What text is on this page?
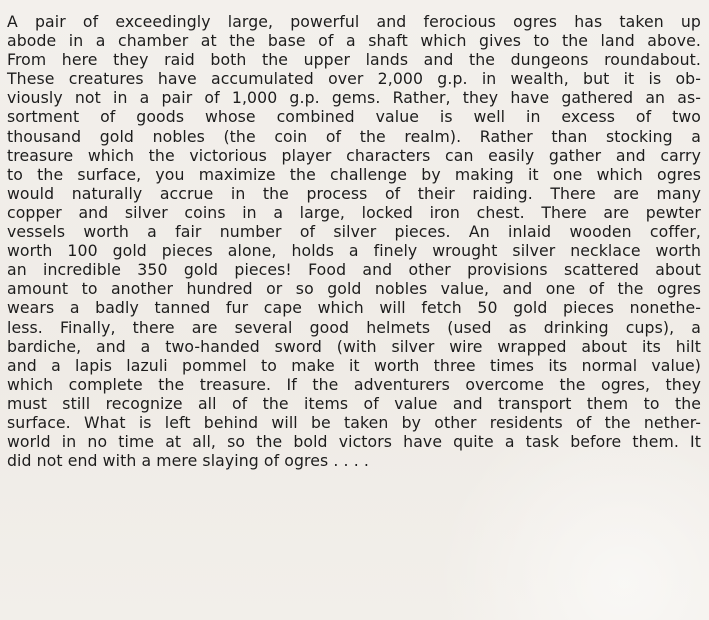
A pair of exceedingly large, powerful and ferocious ogres has taken up
abode in a chamber at the base of a shaft which gives to the land above.
From here they raid both the upper lands and the dungeons roundabout.
These creatures have accumulated over 2,000 g.p. in wealth, but it is ob-
viously not in a pair of 1,000 g.p. gems. Rather, they have gathered an as-
sortment of goods whose combined value is well in excess of two
thousand gold nobles (the coin of the realm). Rather than stocking a
treasure which the victorious player characters can easily gather and carry
to the surface, you maximize the challenge by making it one which ogres
would naturally accrue in the process of their raiding. There are many
copper and silver coins in a large, locked iron chest. There are pewter
vessels worth a fair number of silver pieces. An inlaid wooden coffer,
worth 100 gold pieces alone, holds a finely wrought silver necklace worth
an incredible 350 gold pieces! Food and other provisions scattered about
amount to another hundred or so gold nobles value, and one of the ogres
wears a badly tanned fur cape which will fetch 50 gold pieces nonethe-
less. Finally, there are several good helmets (used as drinking cups), a
bardiche, and a two-handed sword (with silver wire wrapped about its hilt
and a lapis lazuli pommel to make it worth three times its normal value)
which complete the treasure. If the adventurers overcome the ogres, they
must still recognize all of the items of value and transport them to the
surface. What is left behind will be taken by other residents of the nether-
world in no time at all, so the bold victors have quite a task before them. It
did not end with a mere slaying of ogres . . . .
